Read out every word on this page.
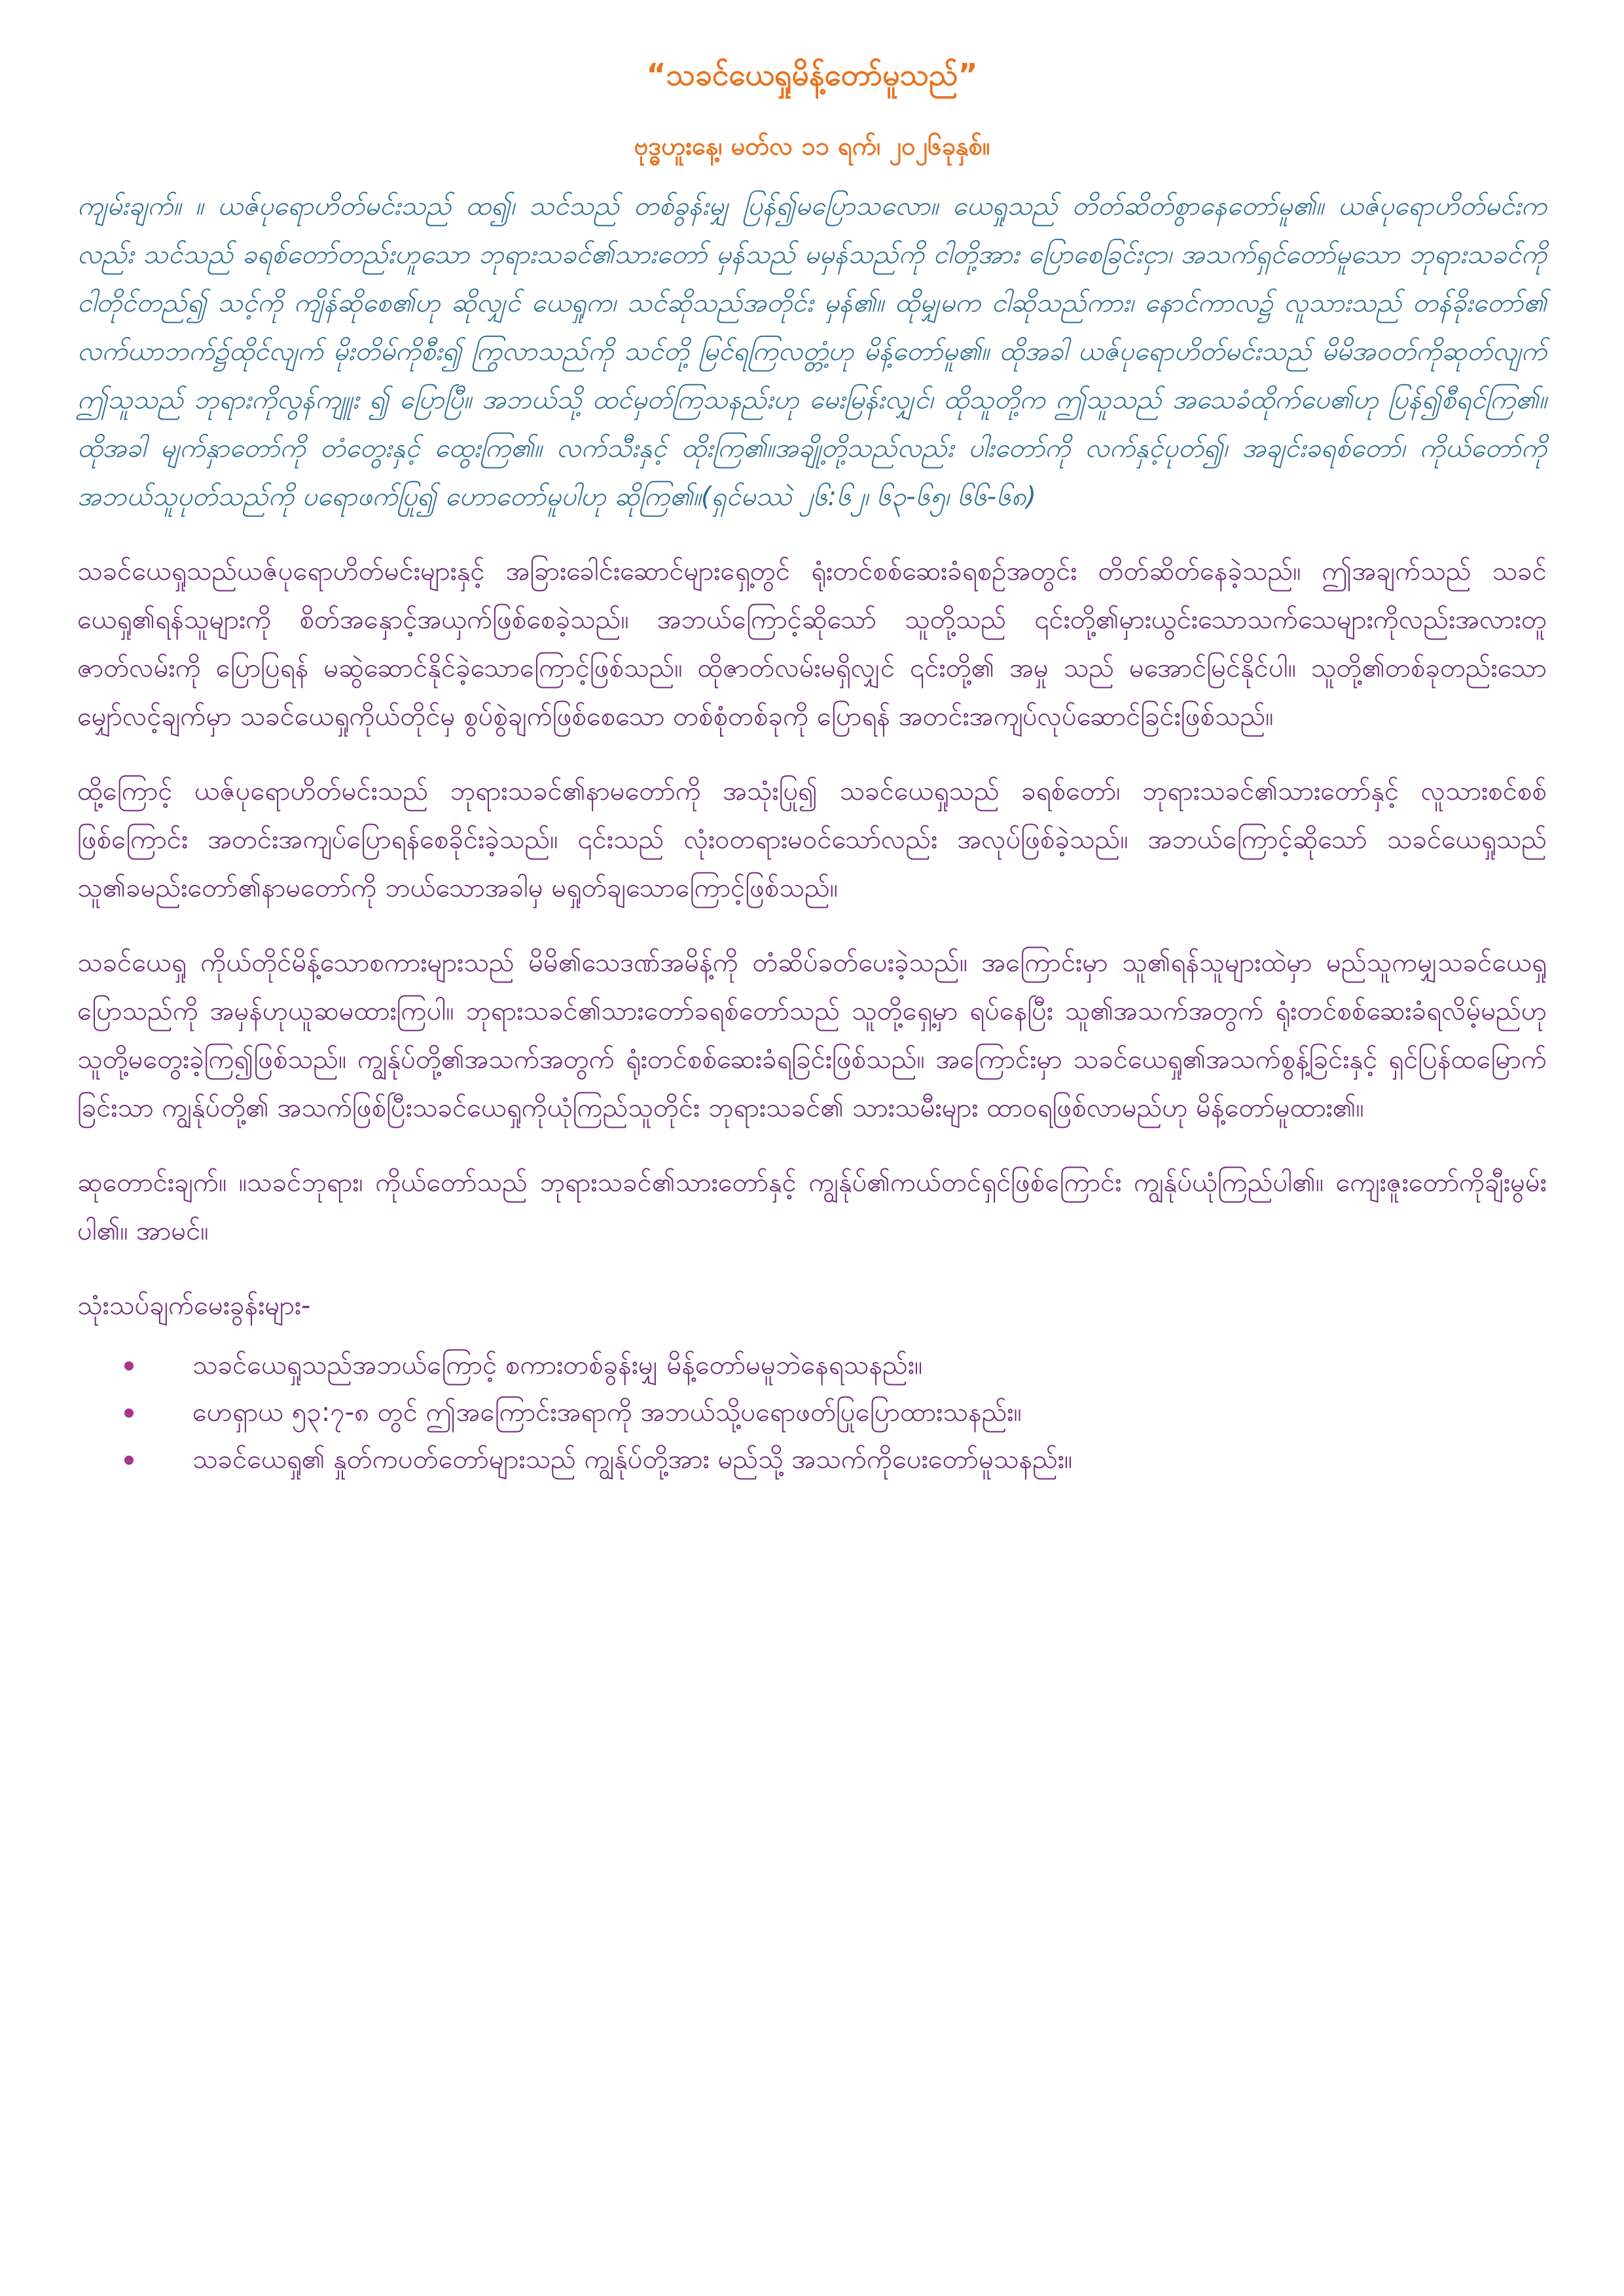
“သခင်ယေရှုမိန့်တော်မူသည်”
ဗုဒ္ဓဟူးနေ့၊ မတ်လ ၁၁ ရက်၊ ၂၀၂၆ခုနှစ်။

ကျမ်းချက်။ ။ ယဇ်ပုရောဟိတ်မင်းသည် ထ၍၊ သင်သည် တစ်ခွန်းမျှ ပြန်၍မပြောသလော။ ယေရှုသည် တိတ်ဆိတ်စွာနေတော်မူ၏။ ယဇ်ပုရောဟိတ်မင်းကလည်း သင်သည် ခရစ်တော်တည်းဟူသော ဘုရားသခင်၏သားတော် မှန်သည် မမှန်သည်ကို ငါတို့အား ပြောစေခြင်းငှာ၊ အသက်ရှင်တော်မူသော ဘုရားသခင်ကို ငါတိုင်တည်၍ သင့်ကို ကျိန်ဆိုစေ၏ဟု ဆိုလျှင် ယေရှုက၊ သင်ဆိုသည်အတိုင်း မှန်၏။ ထိုမျှမက ငါဆိုသည်ကား၊ နောင်ကာလ၌ လူသားသည် တန်ခိုးတော်၏ လက်ယာဘက်၌ထိုင်လျက် မိုးတိမ်ကိုစီး၍ ကြွလာသည်ကို သင်တို့ မြင်ရကြလတ္တံ့ဟု မိန့်တော်မူ၏။ ထိုအခါ ယဇ်ပုရောဟိတ်မင်းသည် မိမိအဝတ်ကိုဆုတ်လျက် ဤသူသည် ဘုရားကိုလွန်ကျူး ၍ ပြောပြီ။ အဘယ်သို့ ထင်မှတ်ကြသနည်းဟု မေးမြန်းလျှင်၊ ထိုသူတို့က ဤသူသည် အသေခံထိုက်ပေ၏ဟု ပြန်၍စီရင်ကြ၏။ ထိုအခါ မျက်နှာတော်ကို တံတွေးနှင့် ထွေးကြ၏။ လက်သီးနှင့် ထိုးကြ၏။အချို့တို့သည်လည်း ပါးတော်ကို လက်နှင့်ပုတ်၍၊ အချင်းခရစ်တော်၊ ကိုယ်တော်ကို အဘယ်သူပုတ်သည်ကို ပရောဖက်ပြု၍ ဟောတော်မူပါဟု ဆိုကြ၏။(ရှင်မဿဲ ၂၆:၆၂၊ ၆၃-၆၅၊ ၆၆-၆၈)

သခင်ယေရှုသည်ယဇ်ပုရောဟိတ်မင်းများနှင့် အခြားခေါင်းဆောင်များရှေ့တွင် ရုံးတင်စစ်ဆေးခံရစဉ်အတွင်း တိတ်ဆိတ်နေခဲ့သည်။ ဤအချက်သည် သခင်ယေရှု၏ရန်သူများကို စိတ်အနှောင့်အယှက်ဖြစ်စေခဲ့သည်။ အဘယ်ကြောင့်ဆိုသော် သူတို့သည် ၎င်းတို့၏မှားယွင်းသောသက်သေများကိုလည်းအလားတူဇာတ်လမ်းကို ပြောပြရန် မဆွဲဆောင်နိုင်ခဲ့သောကြောင့်ဖြစ်သည်။ ထိုဇာတ်လမ်းမရှိလျှင် ၎င်းတို့၏ အမှု သည် မအောင်မြင်နိုင်ပါ။ သူတို့၏တစ်ခုတည်းသောမျှော်လင့်ချက်မှာ သခင်ယေရှုကိုယ်တိုင်မှ စွပ်စွဲချက်ဖြစ်စေသော တစ်စုံတစ်ခုကို ပြောရန် အတင်းအကျပ်လုပ်ဆောင်ခြင်းဖြစ်သည်။

ထို့ကြောင့် ယဇ်ပုရောဟိတ်မင်းသည် ဘုရားသခင်၏နာမတော်ကို အသုံးပြု၍ သခင်ယေရှုသည် ခရစ်တော်၊ ဘုရားသခင်၏သားတော်နှင့် လူသားစင်စစ်ဖြစ်ကြောင်း အတင်းအကျပ်ပြောရန်စေခိုင်းခဲ့သည်။ ၎င်းသည် လုံးဝတရားမဝင်သော်လည်း အလုပ်ဖြစ်ခဲ့သည်။ အဘယ်ကြောင့်ဆိုသော် သခင်ယေရှုသည် သူ၏ခမည်းတော်၏နာမတော်ကို ဘယ်သောအခါမှ မရှုတ်ချသောကြောင့်ဖြစ်သည်။

သခင်ယေရှု ကိုယ်တိုင်မိန့်သောစကားများသည် မိမိ၏သေဒဏ်အမိန့်ကို တံဆိပ်ခတ်ပေးခဲ့သည်။ အကြောင်းမှာ သူ၏ရန်သူများထဲမှာ မည်သူကမျှသခင်ယေရှုပြောသည်ကို အမှန်ဟုယူဆမထားကြပါ။ ဘုရားသခင်၏သားတော်ခရစ်တော်သည် သူတို့ရှေ့မှာ ရပ်နေပြီး သူ၏အသက်အတွက် ရုံးတင်စစ်ဆေးခံရလိမ့်မည်ဟုသူတို့မတွေးခဲ့ကြ၍ဖြစ်သည်။ ကျွန်ုပ်တို့၏အသက်အတွက် ရုံးတင်စစ်ဆေးခံရခြင်းဖြစ်သည်။ အကြောင်းမှာ သခင်ယေရှု၏အသက်စွန့်ခြင်းနှင့် ရှင်ပြန်ထမြောက်ခြင်းသာ ကျွန်ုပ်တို့၏ အသက်ဖြစ်ပြီးသခင်ယေရှုကိုယုံကြည်သူတိုင်း ဘုရားသခင်၏ သားသမီးများ ထာဝရဖြစ်လာမည်ဟု မိန့်တော်မူထား၏။

ဆုတောင်းချက်။ ။သခင်ဘုရား၊ ကိုယ်တော်သည် ဘုရားသခင်၏သားတော်နှင့် ကျွန်ုပ်၏ကယ်တင်ရှင်ဖြစ်ကြောင်း ကျွန်ုပ်ယုံကြည်ပါ၏။ ကျေးဇူးတော်ကိုချီးမွမ်းပါ၏။ အာမင်။

သုံးသပ်ချက်မေးခွန်းများ-
သခင်ယေရှုသည်အဘယ်ကြောင့် စကားတစ်ခွန်းမျှ မိန့်တော်မမူဘဲနေရသနည်း။
ဟေရှာယ ၅၃:၇-၈ တွင် ဤအကြောင်းအရာကို အဘယ်သို့ပရောဖတ်ပြုပြောထားသနည်း။
သခင်ယေရှု၏ နှုတ်ကပတ်တော်များသည် ကျွန်ုပ်တို့အား မည်သို့ အသက်ကိုပေးတော်မူသနည်း။
